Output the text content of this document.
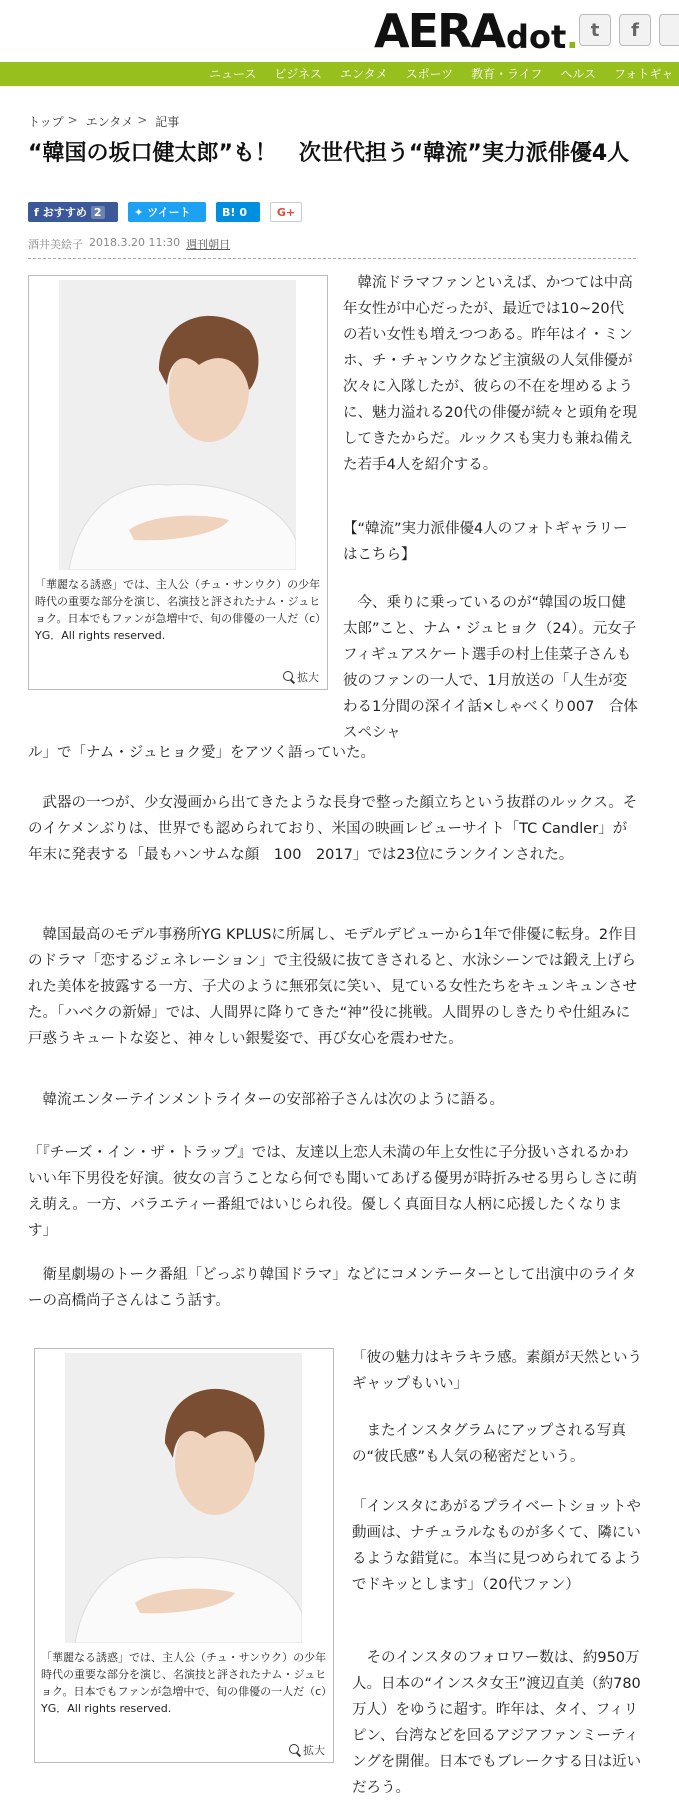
AERA dot. t f
ニュース	ビジネス	エンタメ	スポーツ	教育・ライフ	ヘルス	フォトギャ
トップ > エンタメ > 記事
“韓国の坂口健太郎”も！　次世代担う“韓流”実力派俳優4人
f おすすめ 2	✦ ツイート	B! 0	G+
酒井美絵子 2018.3.20 11:30 週刊朝日
「華麗なる誘惑」では、主人公（チュ・サンウク）の少年時代の重要な部分を演じ、名演技と評されたナム・ジュヒョク。日本でもファンが急増中で、旬の俳優の一人だ（c）YG．All rights reserved.
拡大

韓流ドラマファンといえば、かつては中高年女性が中心だったが、最近では10~20代の若い女性も増えつつある。昨年はイ・ミンホ、チ・チャンウクなど主演級の人気俳優が次々に入隊したが、彼らの不在を埋めるように、魅力溢れる20代の俳優が続々と頭角を現してきたからだ。ルックスも実力も兼ね備えた若手4人を紹介する。

【“韓流”実力派俳優4人のフォトギャラリーはこちら】

今、乗りに乗っているのが“韓国の坂口健太郎”こと、ナム・ジュヒョク（24）。元女子フィギュアスケート選手の村上佳菜子さんも彼のファンの一人で、1月放送の「人生が変わる1分間の深イイ話×しゃべくり007　合体スペシャ

ル」で「ナム・ジュヒョク愛」をアツく語っていた。

武器の一つが、少女漫画から出てきたような長身で整った顔立ちという抜群のルックス。そのイケメンぶりは、世界でも認められており、米国の映画レビューサイト「TC Candler」が年末に発表する「最もハンサムな顔　100　2017」では23位にランクインされた。

韓国最高のモデル事務所YG KPLUSに所属し、モデルデビューから1年で俳優に転身。2作目のドラマ「恋するジェネレーション」で主役級に抜てきされると、水泳シーンでは鍛え上げられた美体を披露する一方、子犬のように無邪気に笑い、見ている女性たちをキュンキュンさせた。「ハベクの新婦」では、人間界に降りてきた“神”役に挑戦。人間界のしきたりや仕組みに戸惑うキュートな姿と、神々しい銀髪姿で、再び女心を震わせた。

韓流エンターテインメントライターの安部裕子さんは次のように語る。

「『チーズ・イン・ザ・トラップ』では、友達以上恋人未満の年上女性に子分扱いされるかわいい年下男役を好演。彼女の言うことなら何でも聞いてあげる優男が時折みせる男らしさに萌え萌え。一方、バラエティー番組ではいじられ役。優しく真面目な人柄に応援したくなります」

衛星劇場のトーク番組「どっぷり韓国ドラマ」などにコメンテーターとして出演中のライターの高橋尚子さんはこう話す。

「華麗なる誘惑」では、主人公（チュ・サンウク）の少年時代の重要な部分を演じ、名演技と評されたナム・ジュヒョク。日本でもファンが急増中で、旬の俳優の一人だ（c）YG．All rights reserved.
拡大

「彼の魅力はキラキラ感。素顔が天然というギャップもいい」

またインスタグラムにアップされる写真の“彼氏感”も人気の秘密だという。

「インスタにあがるプライベートショットや動画は、ナチュラルなものが多くて、隣にいるような錯覚に。本当に見つめられてるようでドキッとします」（20代ファン）

そのインスタのフォロワー数は、約950万人。日本の“インスタ女王”渡辺直美（約780万人）をゆうに超す。昨年は、タイ、フィリピン、台湾などを回るアジアファンミーティングを開催。日本でもブレークする日は近いだろう。
